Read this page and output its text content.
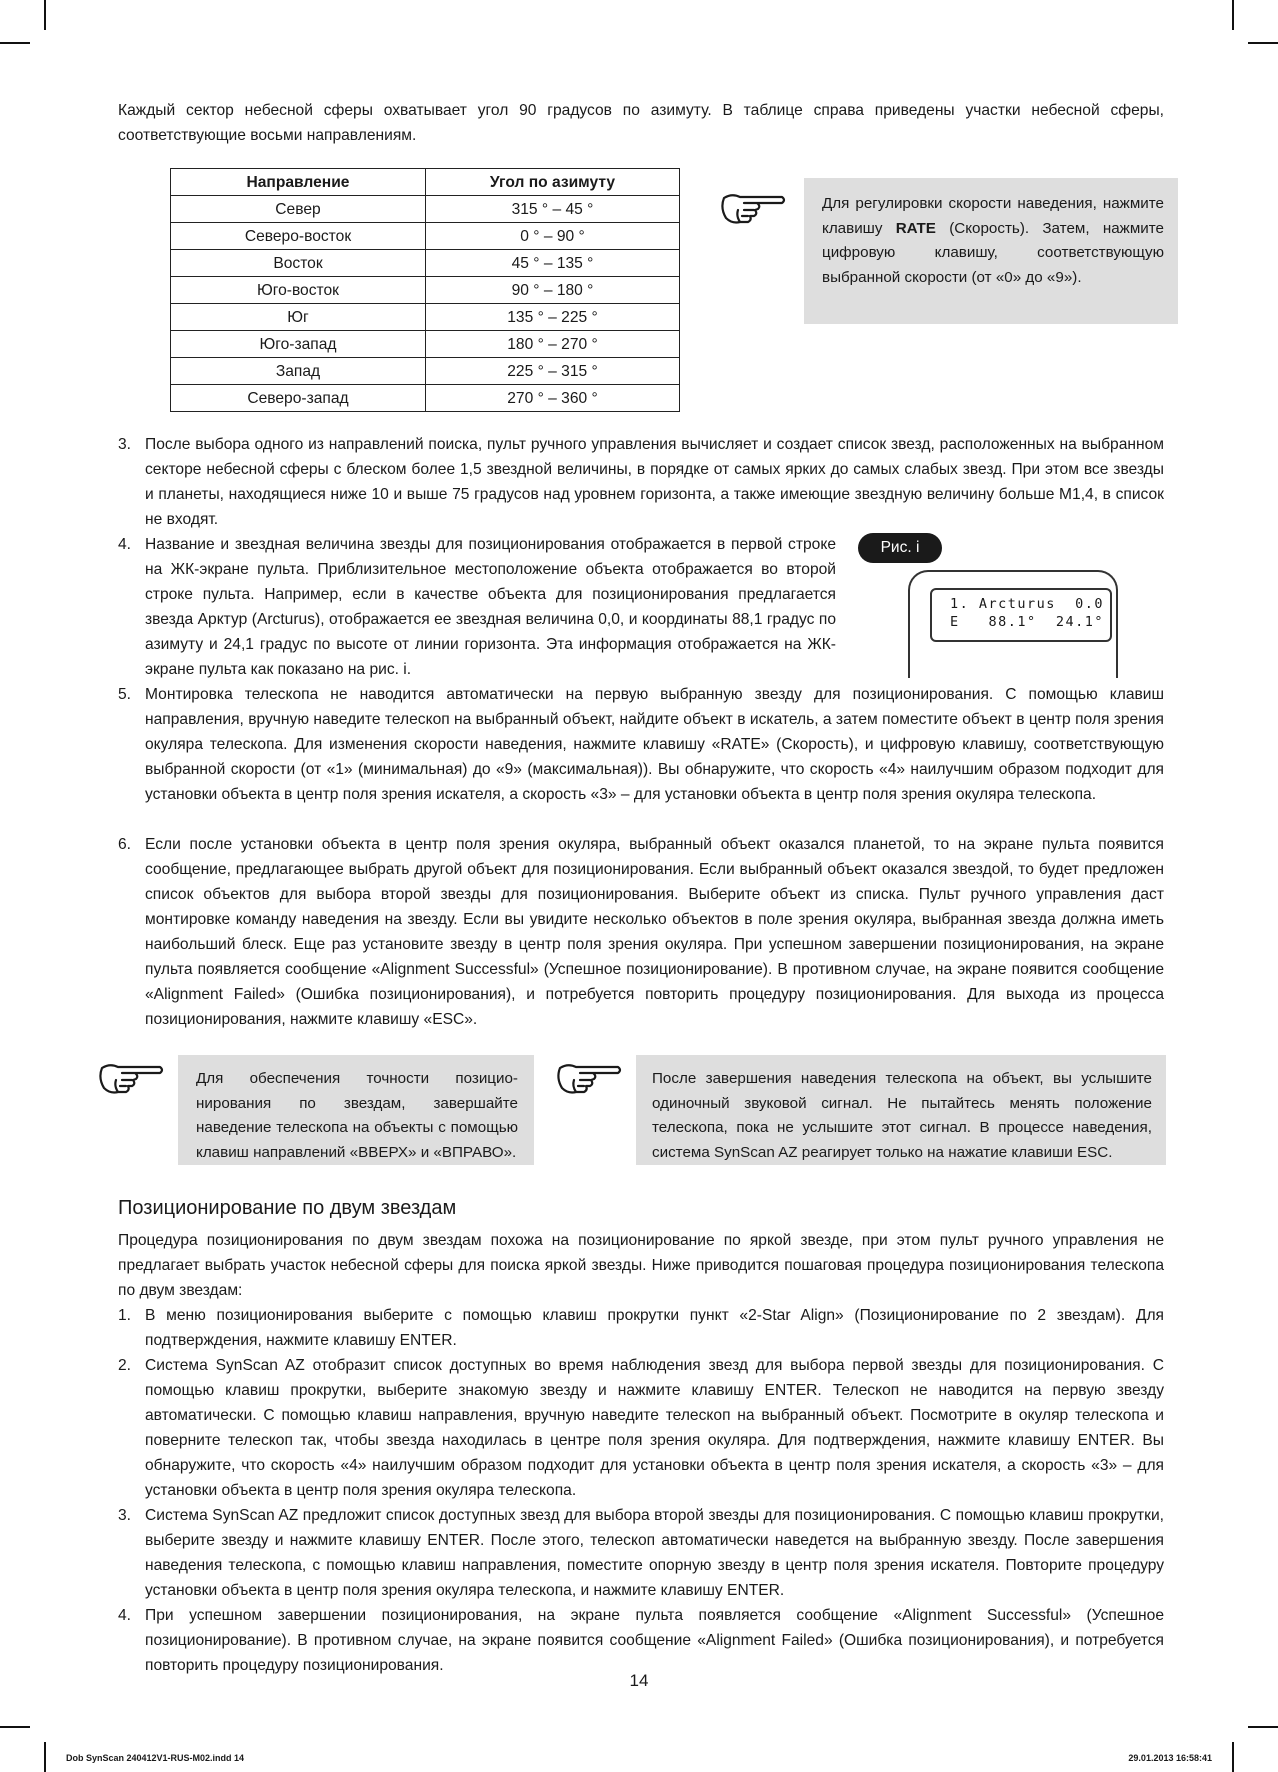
Каждый сектор небесной сферы охватывает угол 90 градусов по азимуту. В таблице справа приведены участки небесной сферы, соответствующие восьми направлениям.

Направление	Угол по азимуту
Север	315 ° – 45 °
Северо-восток	0 ° – 90 °
Восток	45 ° – 135 °
Юго-восток	90 ° – 180 °
Юг	135 ° – 225 °
Юго-запад	180 ° – 270 °
Запад	225 ° – 315 °
Северо-запад	270 ° – 360 °
Для регулировки скорости наведения, нажмите клавишу RATE (Скорость). Затем, нажмите цифровую клавишу, соответствующую выбранной скорости (от «0» до «9»).
3. После выбора одного из направлений поиска, пульт ручного управления вычисляет и создает список звезд, расположенных на выбранном секторе небесной сферы с блеском более 1,5 звездной величины, в порядке от самых ярких до самых слабых звезд. При этом все звезды и планеты, находящиеся ниже 10 и выше 75 градусов над уровнем горизонта, а также имеющие звездную величину больше М1,4, в список не входят.

4. Название и звездная величина звезды для позиционирования отображается в первой строке на ЖК-экране пульта. Приблизительное местоположение объекта отображается во второй строке пульта. Например, если в качестве объекта для позиционирования предлагается звезда Арктур (Arcturus), отображается ее звездная величина 0,0, и координаты 88,1 градус по азимуту и 24,1 градус по высоте от линии горизонта. Эта информация отображается на ЖК-экране пульта как показано на рис. i.

Рис. i
1. Arcturus  0.0
E   88.1°  24.1°
5. Монтировка телескопа не наводится автоматически на первую выбранную звезду для позиционирования. С помощью клавиш направления, вручную наведите телескоп на выбранный объект, найдите объект в искатель, а затем поместите объект в центр поля зрения окуляра телескопа. Для изменения скорости наведения, нажмите клавишу «RATE» (Скорость), и цифровую клавишу, соответствующую выбранной скорости (от «1» (минимальная) до «9» (максимальная)). Вы обнаружите, что скорость «4» наилучшим образом подходит для установки объекта в центр поля зрения искателя, а скорость «3» – для установки объекта в центр поля зрения окуляра телескопа.

6. Если после установки объекта в центр поля зрения окуляра, выбранный объект оказался планетой, то на экране пульта появится сообщение, предлагающее выбрать другой объект для позиционирования. Если выбранный объект оказался звездой, то будет предложен список объектов для выбора второй звезды для позиционирования. Выберите объект из списка. Пульт ручного управления даст монтировке команду наведения на звезду. Если вы увидите несколько объектов в поле зрения окуляра, выбранная звезда должна иметь наибольший блеск. Еще раз установите звезду в центр поля зрения окуляра. При успешном завершении позиционирования, на экране пульта появляется сообщение «Alignment Successful» (Успешное позиционирование). В противном случае, на экране появится сообщение «Alignment Failed» (Ошибка позиционирования), и потребуется повторить процедуру позиционирования. Для выхода из процесса позиционирования, нажмите клавишу «ESC».

Для обеспечения точности позицио-нирования по звездам, завершайте наведение телескопа на объекты с помощью клавиш направлений «ВВЕРХ» и «ВПРАВО».
После завершения наведения телескопа на объект, вы услышите одиночный звуковой сигнал. Не пытайтесь менять положение телескопа, пока не услышите этот сигнал. В процессе наведения, система SynScan AZ реагирует только на нажатие клавиши ESC.
Позиционирование по двум звездам

Процедура позиционирования по двум звездам похожа на позиционирование по яркой звезде, при этом пульт ручного управления не предлагает выбрать участок небесной сферы для поиска яркой звезды. Ниже приводится пошаговая процедура позиционирования телескопа по двум звездам:

1. В меню позиционирования выберите с помощью клавиш прокрутки пункт «2-Star Align» (Позиционирование по 2 звездам). Для подтверждения, нажмите клавишу ENTER.

2. Система SynScan AZ отобразит список доступных во время наблюдения звезд для выбора первой звезды для позиционирования. С помощью клавиш прокрутки, выберите знакомую звезду и нажмите клавишу ENTER. Телескоп не наводится на первую звезду автоматически. С помощью клавиш направления, вручную наведите телескоп на выбранный объект. Посмотрите в окуляр телескопа и поверните телескоп так, чтобы звезда находилась в центре поля зрения окуляра. Для подтверждения, нажмите клавишу ENTER. Вы обнаружите, что скорость «4» наилучшим образом подходит для установки объекта в центр поля зрения искателя, а скорость «3» – для установки объекта в центр поля зрения окуляра телескопа.

3. Система SynScan AZ предложит список доступных звезд для выбора второй звезды для позиционирования. С помощью клавиш прокрутки, выберите звезду и нажмите клавишу ENTER. После этого, телескоп автоматически наведется на выбранную звезду. После завершения наведения телескопа, с помощью клавиш направления, поместите опорную звезду в центр поля зрения искателя. Повторите процедуру установки объекта в центр поля зрения окуляра телескопа, и нажмите клавишу ENTER.

4. При успешном завершении позиционирования, на экране пульта появляется сообщение «Alignment Successful» (Успешное позиционирование). В противном случае, на экране появится сообщение «Alignment Failed» (Ошибка позиционирования), и потребуется повторить процедуру позиционирования.

14
Dob SynScan 240412V1-RUS-M02.indd 14	29.01.2013 16:58:41
